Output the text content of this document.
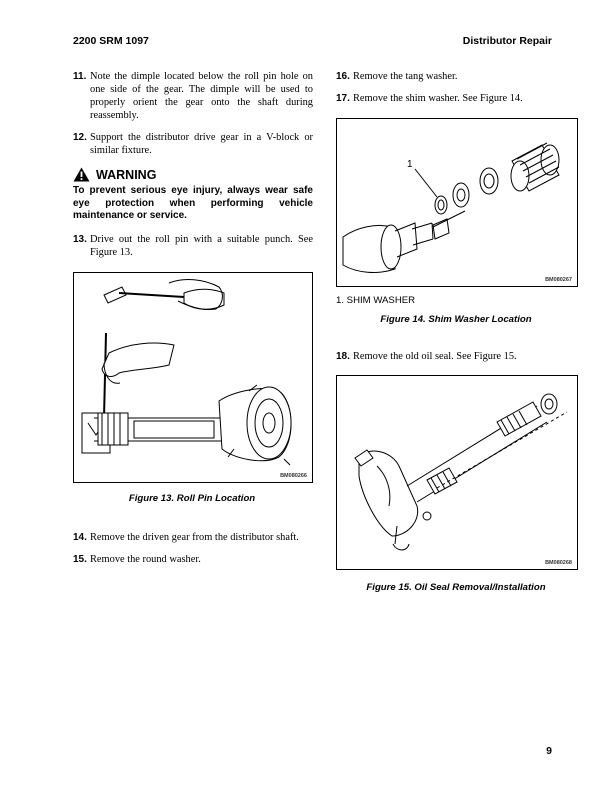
2200 SRM 1097	Distributor Repair
11. Note the dimple located below the roll pin hole on one side of the gear. The dimple will be used to properly orient the gear onto the shaft during reassembly.
12. Support the distributor drive gear in a V-block or similar fixture.
WARNING
To prevent serious eye injury, always wear safe eye protection when performing vehicle maintenance or service.
13. Drive out the roll pin with a suitable punch. See Figure 13.
BM080266
Figure 13. Roll Pin Location
14. Remove the driven gear from the distributor shaft.
15. Remove the round washer.
16. Remove the tang washer.
17. Remove the shim washer. See Figure 14.
1
BM080267
1. SHIM WASHER
Figure 14. Shim Washer Location
18. Remove the old oil seal. See Figure 15.
BM080268
Figure 15. Oil Seal Removal/Installation
9
